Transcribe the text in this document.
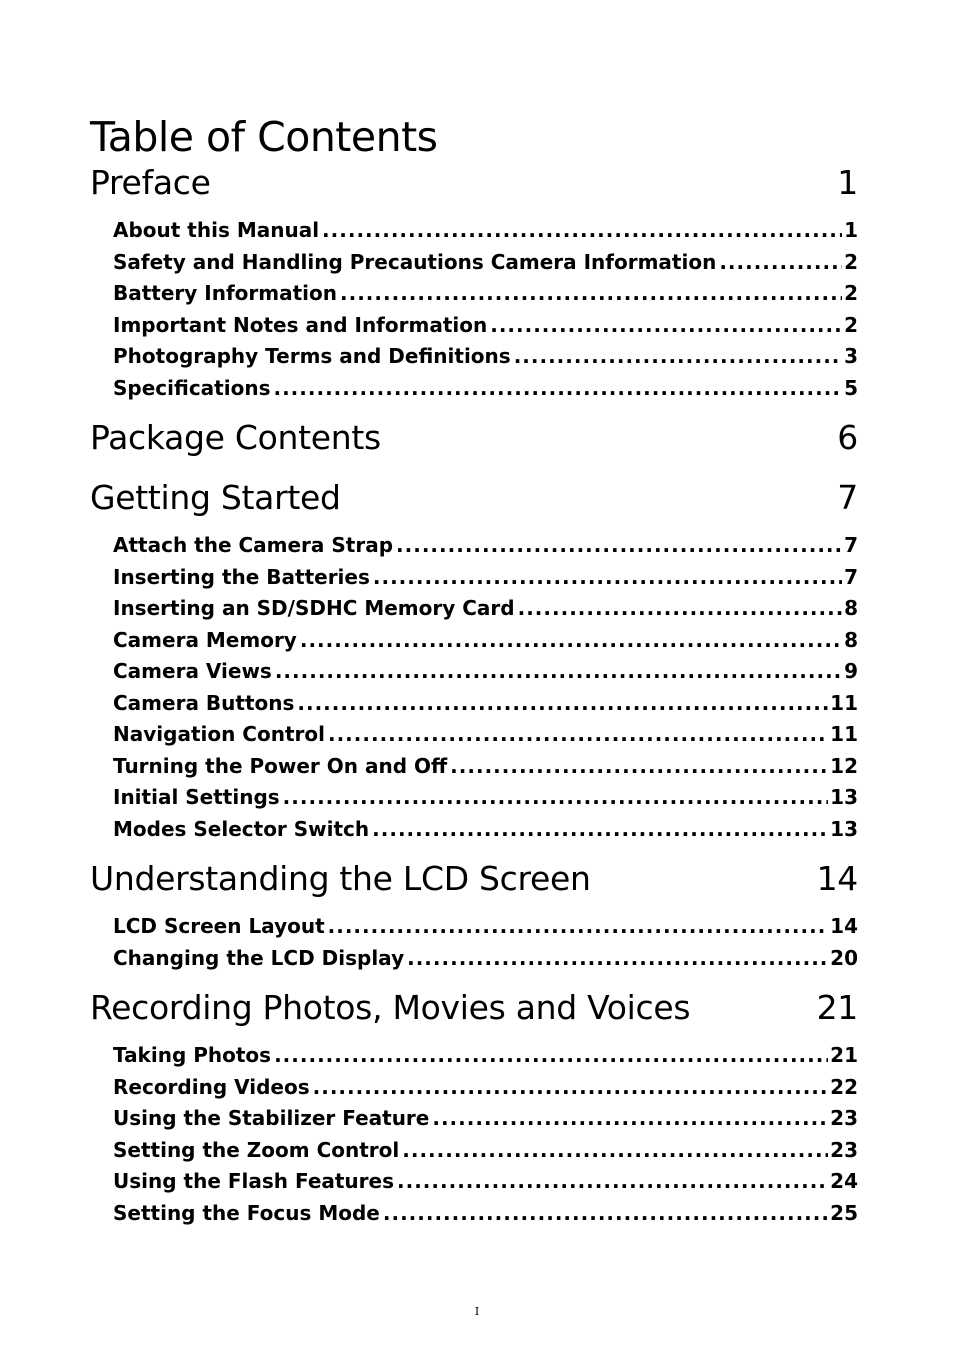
Table of Contents
Preface	1
About this Manual .....	1
Safety and Handling Precautions Camera Information .....	2
Battery Information .....	2
Important Notes and Information .....	2
Photography Terms and Definitions .....	3
Specifications .....	5
Package Contents	6
Getting Started	7
Attach the Camera Strap .....	7
Inserting the Batteries .....	7
Inserting an SD/SDHC Memory Card .....	8
Camera Memory .....	8
Camera Views .....	9
Camera Buttons .....	11
Navigation Control .....	11
Turning the Power On and Off .....	12
Initial Settings .....	13
Modes Selector Switch .....	13
Understanding the LCD Screen	14
LCD Screen Layout .....	14
Changing the LCD Display .....	20
Recording Photos, Movies and Voices	21
Taking Photos .....	21
Recording Videos .....	22
Using the Stabilizer Feature .....	23
Setting the Zoom Control .....	23
Using the Flash Features .....	24
Setting the Focus Mode .....	25
I
